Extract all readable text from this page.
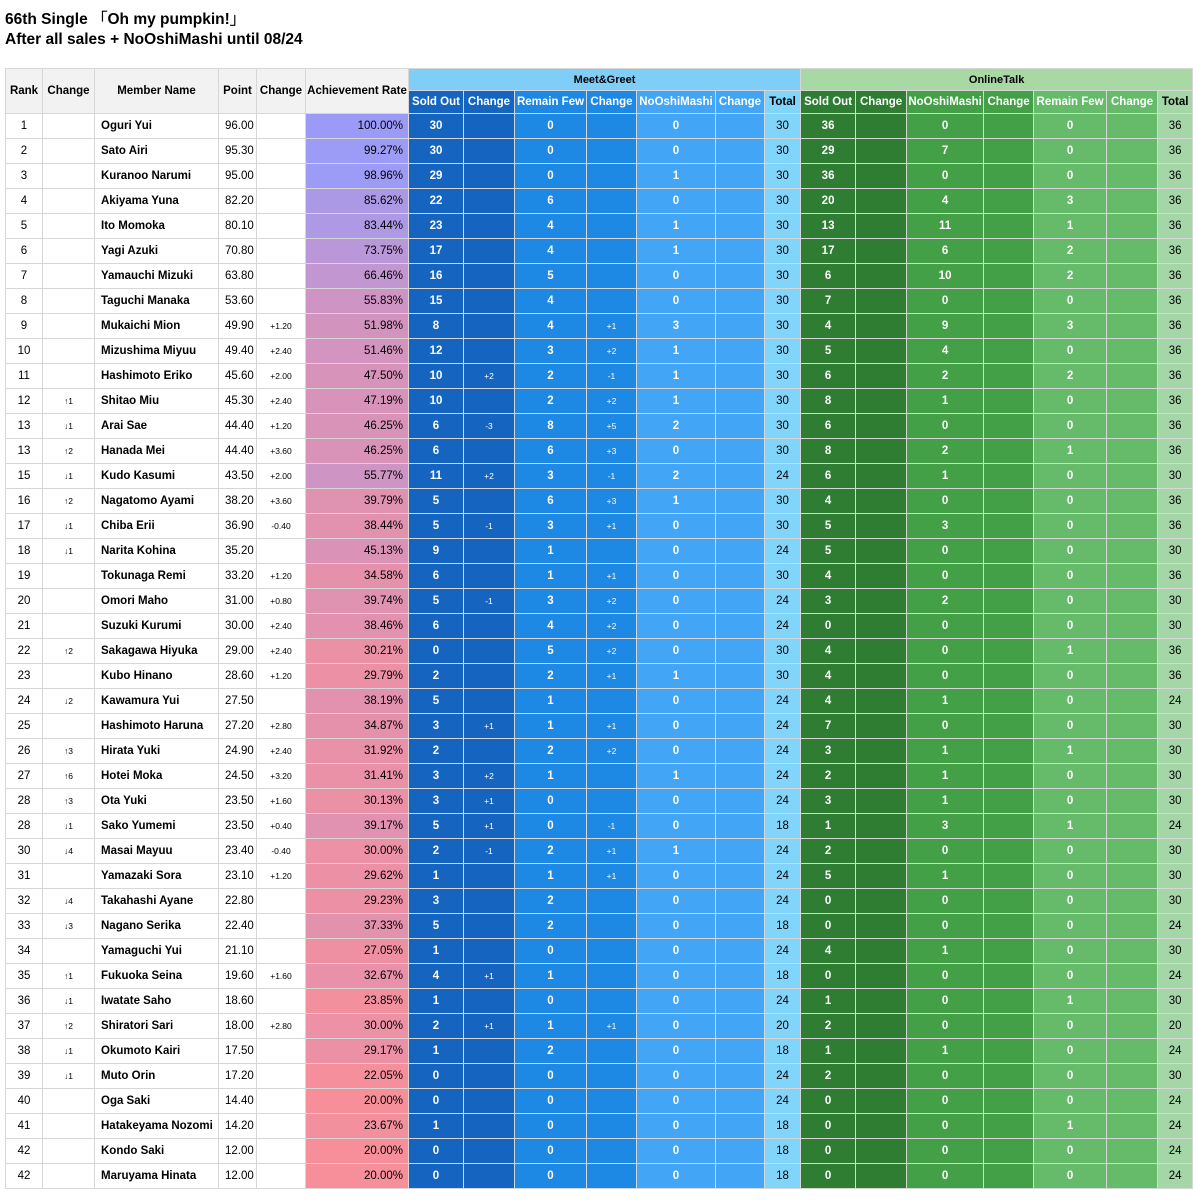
66th Single 「Oh my pumpkin!」
After all sales + NoOshiMashi until 08/24
Rank	Change	Member Name	Point	Change	Achievement Rate	Meet&Greet							OnlineTalk						
						Sold Out	Change	Remain Few	Change	NoOshiMashi	Change	Total	Sold Out	Change	NoOshiMashi	Change	Remain Few	Change	Total
1		Oguri Yui	96.00		100.00%	30		0		0		30	36		0		0		36
2		Sato Airi	95.30		99.27%	30		0		0		30	29		7		0		36
3		Kuranoo Narumi	95.00		98.96%	29		0		1		30	36		0		0		36
4		Akiyama Yuna	82.20		85.62%	22		6		0		30	20		4		3		36
5		Ito Momoka	80.10		83.44%	23		4		1		30	13		11		1		36
6		Yagi Azuki	70.80		73.75%	17		4		1		30	17		6		2		36
7		Yamauchi Mizuki	63.80		66.46%	16		5		0		30	6		10		2		36
8		Taguchi Manaka	53.60		55.83%	15		4		0		30	7		0		0		36
9		Mukaichi Mion	49.90	+1.20	51.98%	8		4	+1	3		30	4		9		3		36
10		Mizushima Miyuu	49.40	+2.40	51.46%	12		3	+2	1		30	5		4		0		36
11		Hashimoto Eriko	45.60	+2.00	47.50%	10	+2	2	-1	1		30	6		2		2		36
12	↑1	Shitao Miu	45.30	+2.40	47.19%	10		2	+2	1		30	8		1		0		36
13	↓1	Arai Sae	44.40	+1.20	46.25%	6	-3	8	+5	2		30	6		0		0		36
13	↑2	Hanada Mei	44.40	+3.60	46.25%	6		6	+3	0		30	8		2		1		36
15	↓1	Kudo Kasumi	43.50	+2.00	55.77%	11	+2	3	-1	2		24	6		1		0		30
16	↑2	Nagatomo Ayami	38.20	+3.60	39.79%	5		6	+3	1		30	4		0		0		36
17	↓1	Chiba Erii	36.90	-0.40	38.44%	5	-1	3	+1	0		30	5		3		0		36
18	↓1	Narita Kohina	35.20		45.13%	9		1		0		24	5		0		0		30
19		Tokunaga Remi	33.20	+1.20	34.58%	6		1	+1	0		30	4		0		0		36
20		Omori Maho	31.00	+0.80	39.74%	5	-1	3	+2	0		24	3		2		0		30
21		Suzuki Kurumi	30.00	+2.40	38.46%	6		4	+2	0		24	0		0		0		30
22	↑2	Sakagawa Hiyuka	29.00	+2.40	30.21%	0		5	+2	0		30	4		0		1		36
23		Kubo Hinano	28.60	+1.20	29.79%	2		2	+1	1		30	4		0		0		36
24	↓2	Kawamura Yui	27.50		38.19%	5		1		0		24	4		1		0		24
25		Hashimoto Haruna	27.20	+2.80	34.87%	3	+1	1	+1	0		24	7		0		0		30
26	↑3	Hirata Yuki	24.90	+2.40	31.92%	2		2	+2	0		24	3		1		1		30
27	↑6	Hotei Moka	24.50	+3.20	31.41%	3	+2	1		1		24	2		1		0		30
28	↑3	Ota Yuki	23.50	+1.60	30.13%	3	+1	0		0		24	3		1		0		30
28	↓1	Sako Yumemi	23.50	+0.40	39.17%	5	+1	0	-1	0		18	1		3		1		24
30	↓4	Masai Mayuu	23.40	-0.40	30.00%	2	-1	2	+1	1		24	2		0		0		30
31		Yamazaki Sora	23.10	+1.20	29.62%	1		1	+1	0		24	5		1		0		30
32	↓4	Takahashi Ayane	22.80		29.23%	3		2		0		24	0		0		0		30
33	↓3	Nagano Serika	22.40		37.33%	5		2		0		18	0		0		0		24
34		Yamaguchi Yui	21.10		27.05%	1		0		0		24	4		1		0		30
35	↑1	Fukuoka Seina	19.60	+1.60	32.67%	4	+1	1		0		18	0		0		0		24
36	↓1	Iwatate Saho	18.60		23.85%	1		0		0		24	1		0		1		30
37	↑2	Shiratori Sari	18.00	+2.80	30.00%	2	+1	1	+1	0		20	2		0		0		20
38	↓1	Okumoto Kairi	17.50		29.17%	1		2		0		18	1		1		0		24
39	↓1	Muto Orin	17.20		22.05%	0		0		0		24	2		0		0		30
40		Oga Saki	14.40		20.00%	0		0		0		24	0		0		0		24
41		Hatakeyama Nozomi	14.20		23.67%	1		0		0		18	0		0		1		24
42		Kondo Saki	12.00		20.00%	0		0		0		18	0		0		0		24
42		Maruyama Hinata	12.00		20.00%	0		0		0		18	0		0		0		24
